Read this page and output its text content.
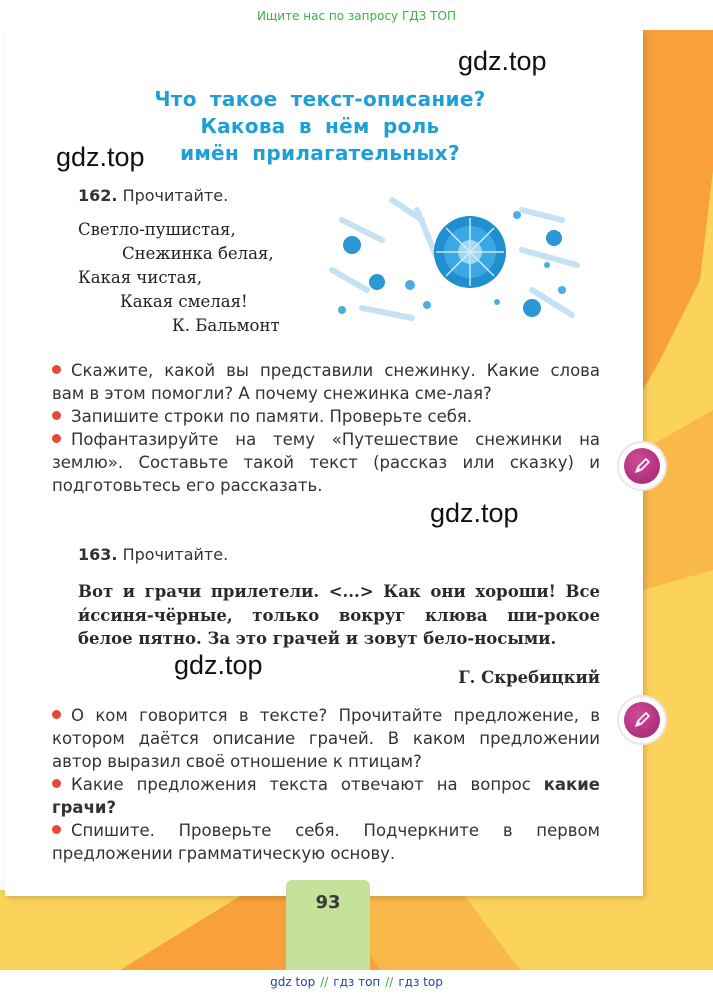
Ищите нас по запросу ГДЗ ТОП
93
gdz.top
gdz.top
gdz.top
gdz.top
Что такое текст-описание?
Какова в нём роль
имён прилагательных?
162. Прочитайте.
Светло-пушистая,
Снежинка белая,
Какая чистая,
Какая смелая!
К. Бальмонт
Скажите, какой вы представили снежинку. Какие слова вам в этом помогли? А почему снежинка сме-лая?
Запишите строки по памяти. Проверьте себя.
Пофантазируйте на тему «Путешествие снежинки на землю». Составьте такой текст (рассказ или сказку) и подготовьтесь его рассказать.
163. Прочитайте.
Вот и грачи прилетели. <...> Как они хороши! Все и́ссиня-чёрные, только вокруг клюва ши-рокое белое пятно. За это грачей и зовут бело-носыми.
Г. Скребицкий
О ком говорится в тексте? Прочитайте предложение, в котором даётся описание грачей. В каком предложении автор выразил своё отношение к птицам?
Какие предложения текста отвечают на вопрос какие грачи?
Спишите. Проверьте себя. Подчеркните в первом предложении грамматическую основу.
gdz top // гдз топ // гдз top
